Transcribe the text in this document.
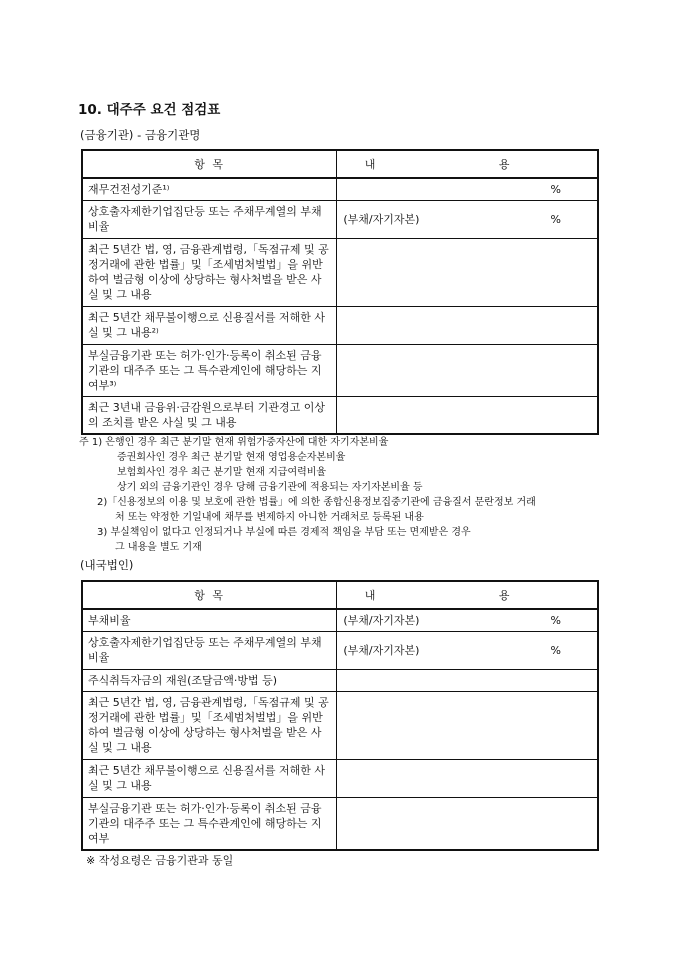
10. 대주주 요건 점검표
(금융기관) - 금융기관명
항 목	내 용
재무건전성기준¹⁾	%

상호출자제한기업집단등 또는 주채무계열의 부채비율	(부채/자기자본) %

최근 5년간 법, 영, 금융관계법령,「독점규제 및 공정거래에 관한 법률」및「조세범처벌법」을 위반하여 벌금형 이상에 상당하는 형사처벌을 받은 사실 및 그 내용	
최근 5년간 채무불이행으로 신용질서를 저해한 사실 및 그 내용²⁾	
부실금융기관 또는 허가·인가·등록이 취소된 금융기관의 대주주 또는 그 특수관계인에 해당하는 지 여부³⁾	
최근 3년내 금융위·금감원으로부터 기관경고 이상의 조치를 받은 사실 및 그 내용	
주 1) 은행인 경우 최근 분기말 현재 위험가중자산에 대한 자기자본비율
증권회사인 경우 최근 분기말 현재 영업용순자본비율
보험회사인 경우 최근 분기말 현재 지급여력비율
상기 외의 금융기관인 경우 당해 금융기관에 적용되는 자기자본비율 등
2)「신용정보의 이용 및 보호에 관한 법률」에 의한 종합신용정보집중기관에 금융질서 문란정보 거래
처 또는 약정한 기일내에 채무를 변제하지 아니한 거래처로 등록된 내용
3) 부실책임이 없다고 인정되거나 부실에 따른 경제적 책임을 부담 또는 면제받은 경우
그 내용을 별도 기재
(내국법인)
항 목	내 용
부채비율	(부채/자기자본) %

상호출자제한기업집단등 또는 주채무계열의 부채비율	(부채/자기자본) %

주식취득자금의 재원(조달금액·방법 등)	
최근 5년간 법, 영, 금융관계법령,「독점규제 및 공정거래에 관한 법률」및「조세범처벌법」을 위반하여 벌금형 이상에 상당하는 형사처벌을 받은 사실 및 그 내용	
최근 5년간 채무불이행으로 신용질서를 저해한 사실 및 그 내용	
부실금융기관 또는 허가·인가·등록이 취소된 금융기관의 대주주 또는 그 특수관계인에 해당하는 지 여부	
※ 작성요령은 금융기관과 동일
